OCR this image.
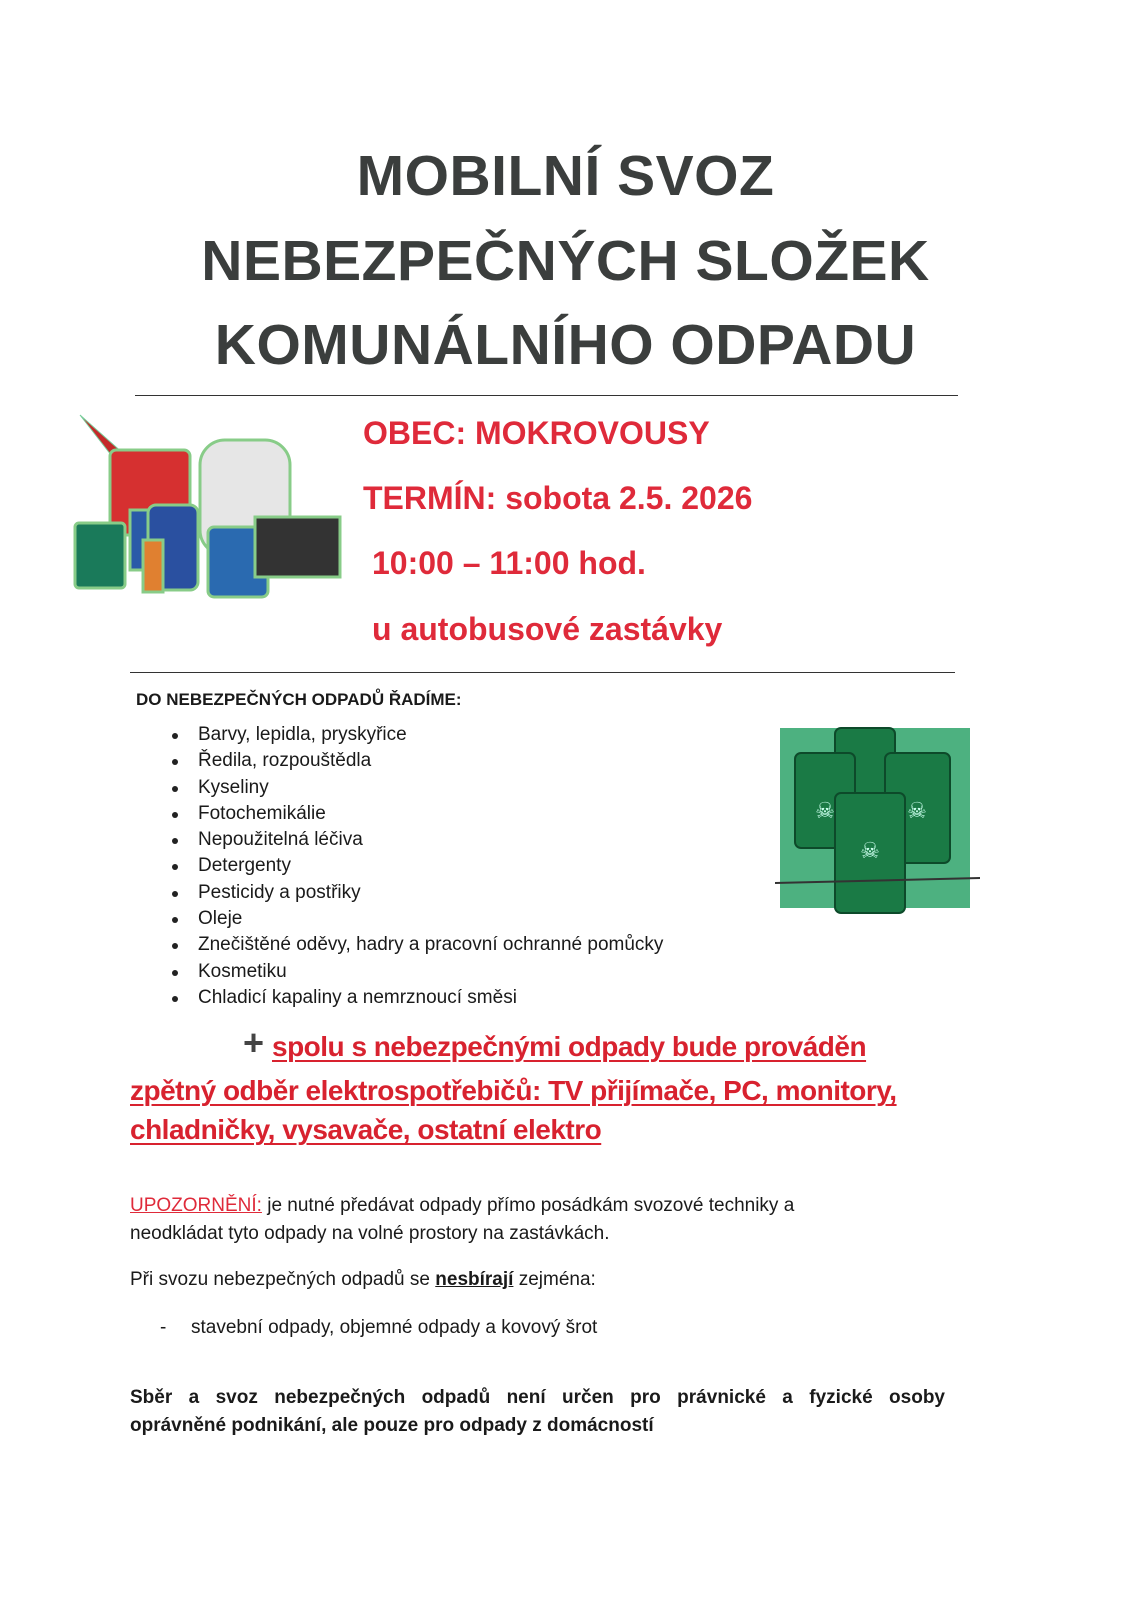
MOBILNÍ SVOZ
NEBEZPEČNÝCH SLOŽEK
KOMUNÁLNÍHO ODPADU
OBEC: MOKROVOUSY
TERMÍN: sobota 2.5. 2026
10:00 – 11:00 hod.
u autobusové zastávky
DO NEBEZPEČNÝCH ODPADŮ ŘADÍME:
Barvy, lepidla, pryskyřice
Ředila, rozpouštědla
Kyseliny
Fotochemikálie
Nepoužitelná léčiva
Detergenty
Pesticidy a postřiky
Oleje
Znečištěné oděvy, hadry a pracovní ochranné pomůcky
Kosmetiku
Chladicí kapaliny a nemrznoucí směsi
☠	☠
☠
+ spolu s nebezpečnými odpady bude prováděn
zpětný odběr elektrospotřebičů: TV přijímače, PC, monitory,
chladničky, vysavače, ostatní elektro
UPOZORNĚNÍ: je nutné předávat odpady přímo posádkám svozové techniky a
neodkládat tyto odpady na volné prostory na zastávkách.
Při svozu nebezpečných odpadů se nesbírají zejména:
- stavební odpady, objemné odpady a kovový šrot
Sběr a svoz nebezpečných odpadů není určen pro právnické a fyzické osoby
oprávněné podnikání, ale pouze pro odpady z domácností
